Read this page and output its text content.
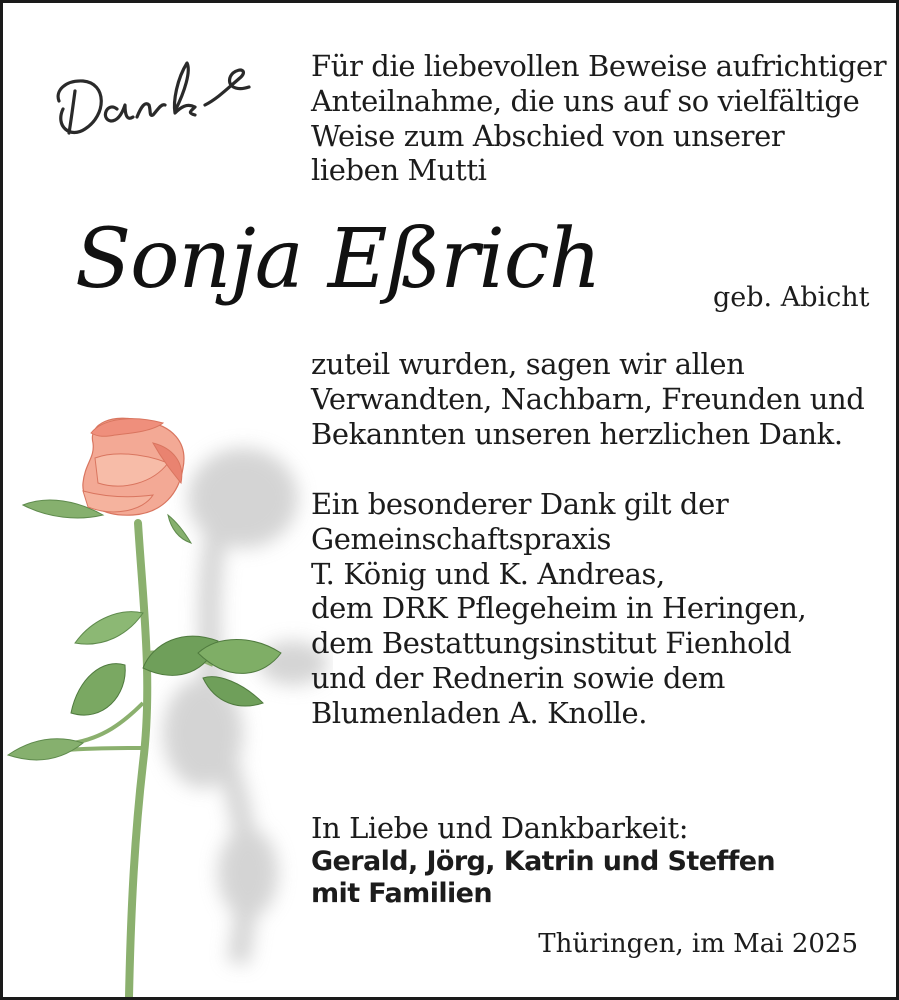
Für die liebevollen Beweise aufrichtiger
Anteilnahme, die uns auf so vielfältige
Weise zum Abschied von unserer
lieben Mutti
Sonja Eßrich	geb. Abicht
zuteil wurden, sagen wir allen
Verwandten, Nachbarn, Freunden und
Bekannten unseren herzlichen Dank.
Ein besonderer Dank gilt der
Gemeinschaftspraxis
T. König und K. Andreas,
dem DRK Pflegeheim in Heringen,
dem Bestattungsinstitut Fienhold
und der Rednerin sowie dem
Blumenladen A. Knolle.
In Liebe und Dankbarkeit:
Gerald, Jörg, Katrin und Steffen
mit Familien
Thüringen, im Mai 2025
